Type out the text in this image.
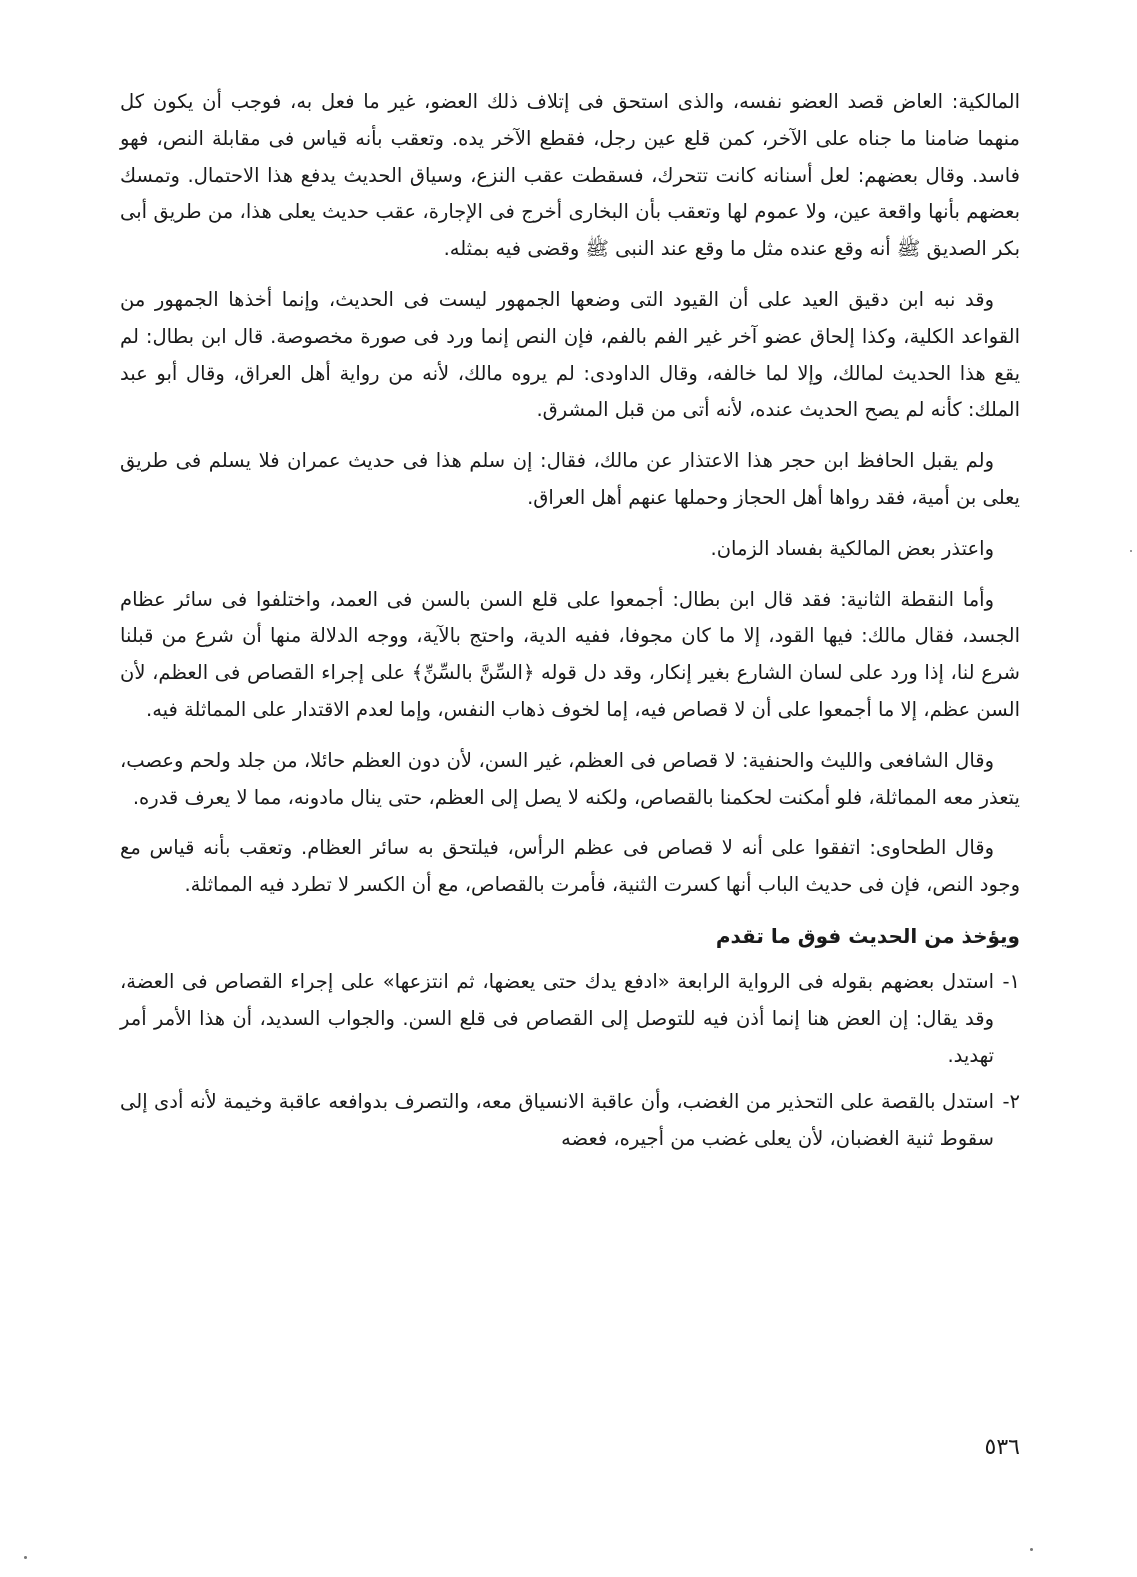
المالكية: العاض قصد العضو نفسه، والذى استحق فى إتلاف ذلك العضو، غير ما فعل به، فوجب أن يكون كل منهما ضامنا ما جناه على الآخر، كمن قلع عين رجل، فقطع الآخر يده. وتعقب بأنه قياس فى مقابلة النص، فهو فاسد. وقال بعضهم: لعل أسنانه كانت تتحرك، فسقطت عقب النزع، وسياق الحديث يدفع هذا الاحتمال. وتمسك بعضهم بأنها واقعة عين، ولا عموم لها وتعقب بأن البخارى أخرج فى الإجارة، عقب حديث يعلى هذا، من طريق أبى بكر الصديق ﷺ أنه وقع عنده مثل ما وقع عند النبى ﷺ وقضى فيه بمثله.

وقد نبه ابن دقيق العيد على أن القيود التى وضعها الجمهور ليست فى الحديث، وإنما أخذها الجمهور من القواعد الكلية، وكذا إلحاق عضو آخر غير الفم بالفم، فإن النص إنما ورد فى صورة مخصوصة. قال ابن بطال: لم يقع هذا الحديث لمالك، وإلا لما خالفه، وقال الداودى: لم يروه مالك، لأنه من رواية أهل العراق، وقال أبو عبد الملك: كأنه لم يصح الحديث عنده، لأنه أتى من قبل المشرق.

ولم يقبل الحافظ ابن حجر هذا الاعتذار عن مالك، فقال: إن سلم هذا فى حديث عمران فلا يسلم فى طريق يعلى بن أمية، فقد رواها أهل الحجاز وحملها عنهم أهل العراق.

واعتذر بعض المالكية بفساد الزمان.

وأما النقطة الثانية: فقد قال ابن بطال: أجمعوا على قلع السن بالسن فى العمد، واختلفوا فى سائر عظام الجسد، فقال مالك: فيها القود، إلا ما كان مجوفا، ففيه الدية، واحتج بالآية، ووجه الدلالة منها أن شرع من قبلنا شرع لنا، إذا ورد على لسان الشارع بغير إنكار، وقد دل قوله ﴿السِّنَّ بالسِّنِّ﴾ على إجراء القصاص فى العظم، لأن السن عظم، إلا ما أجمعوا على أن لا قصاص فيه، إما لخوف ذهاب النفس، وإما لعدم الاقتدار على المماثلة فيه.

وقال الشافعى والليث والحنفية: لا قصاص فى العظم، غير السن، لأن دون العظم حائلا، من جلد ولحم وعصب، يتعذر معه المماثلة، فلو أمكنت لحكمنا بالقصاص، ولكنه لا يصل إلى العظم، حتى ينال مادونه، مما لا يعرف قدره.

وقال الطحاوى: اتفقوا على أنه لا قصاص فى عظم الرأس، فيلتحق به سائر العظام. وتعقب بأنه قياس مع وجود النص، فإن فى حديث الباب أنها كسرت الثنية، فأمرت بالقصاص، مع أن الكسر لا تطرد فيه المماثلة.

ويؤخذ من الحديث فوق ما تقدم
١-
استدل بعضهم بقوله فى الرواية الرابعة «ادفع يدك حتى يعضها، ثم انتزعها» على إجراء القصاص فى العضة، وقد يقال: إن العض هنا إنما أذن فيه للتوصل إلى القصاص فى قلع السن. والجواب السديد، أن هذا الأمر أمر تهديد.
٢-
استدل بالقصة على التحذير من الغضب، وأن عاقبة الانسياق معه، والتصرف بدوافعه عاقبة وخيمة لأنه أدى إلى سقوط ثنية الغضبان، لأن يعلى غضب من أجيره، فعضه
٥٣٦
